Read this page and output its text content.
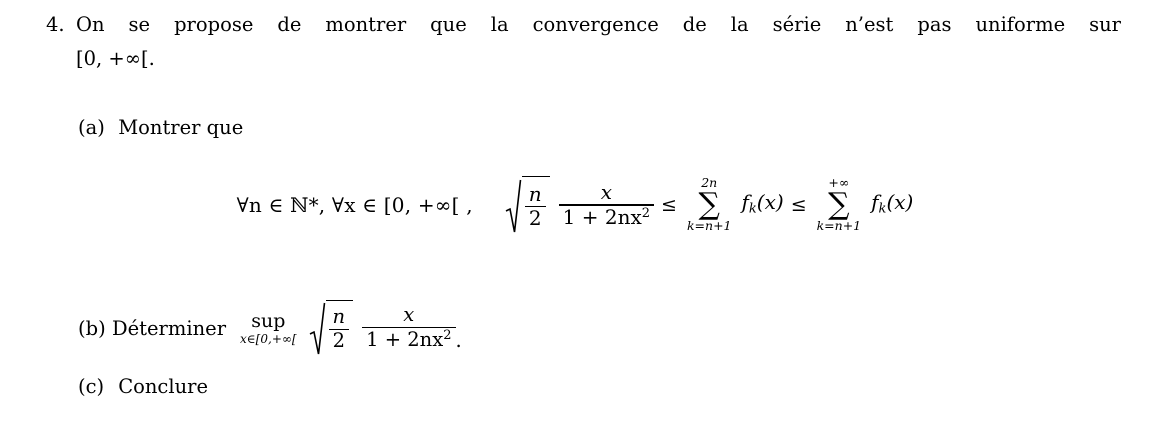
4. On se propose de montrer que la convergence de la série n’est pas uniforme sur
[0, +∞[.
(a) Montrer que
∀n ∈ ℕ*, ∀x ∈ [0, +∞[ ,	$\frac{n}{2} \frac{x}{1 + 2nx^2}$ ≤
2n
∑
k=n+1
$f_k(x)$ ≤
+∞
∑
k=n+1
$f_k(x)$
(b) Déterminer sup
x∈[0,+∞[ $\frac{n}{2} \frac{x}{1 + 2nx^2}$ .
(c) Conclure
